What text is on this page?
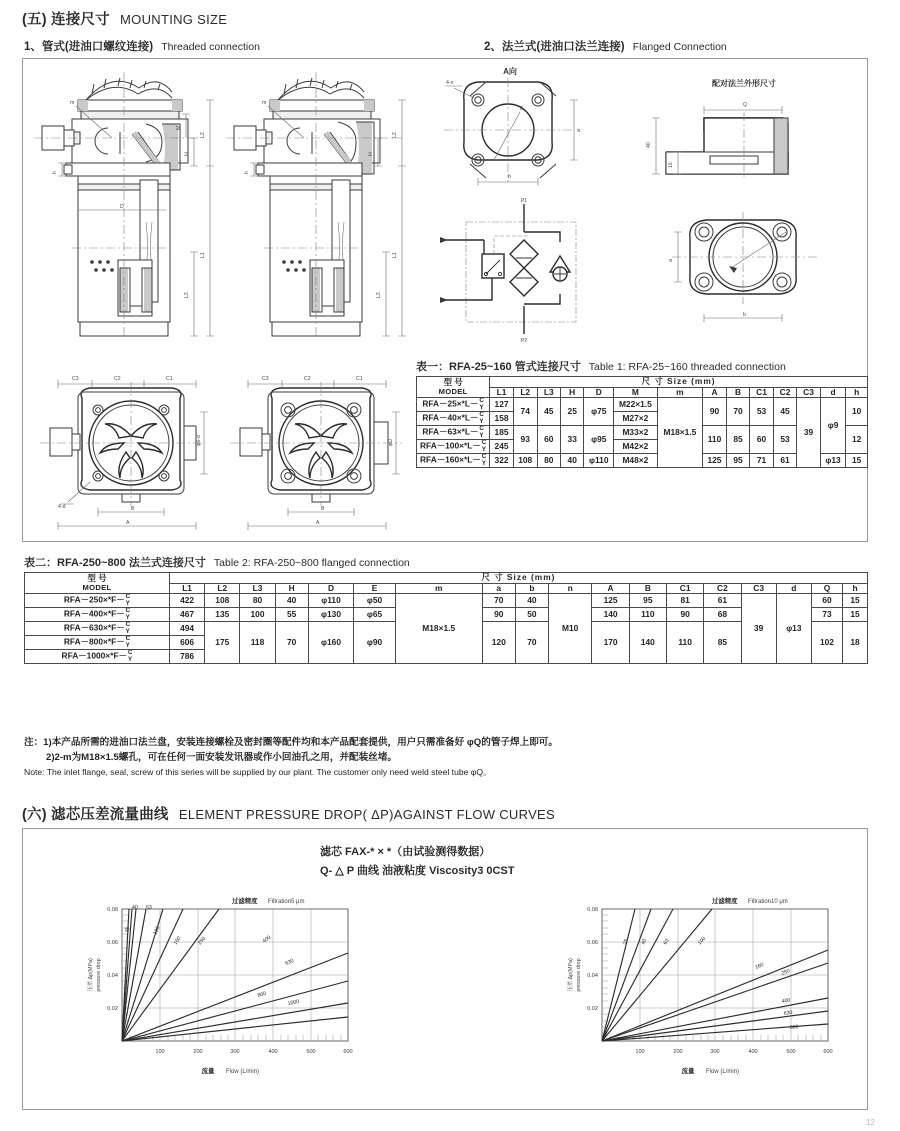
(五) 连接尺寸 MOUNTING SIZE
1、管式(进油口螺纹连接) Threaded connection	2、法兰式(进油口法兰连接) Flanged Connection
L2
L1
L3
H
M
D
h
m
L2
L1
L3
H
h
m
A向
4-n
E
a
b
P1
P2
配对法兰外形尺寸
Q
40
16
a
b
C3	C2	C1
φ6-d
B
A
4-d
C3	C2	C1
φD
B
A
表一：RFA-25~160 管式连接尺寸 Table 1: RFA-25~160 threaded connection
型 号
MODEL	尺 寸 Size (mm)													
	L1	L2	L3	H	D	M	m	A	B	C1	C2	C3	d	h
RFA－25×*L－C
Y	127	74	45	25	φ75	M22×1.5	M18×1.5	90	70	53	45	39	φ9	10
RFA－40×*L－C
Y	158					M27×2								
RFA－63×*L－C
Y	185	93	60	33	φ95	M33×2		110	85	60	53			12
RFA－100×*L－C
Y	245					M42×2								
RFA－160×*L－C
Y	322	108	80	40	φ110	M48×2		125	95	71	61		φ13	15
表二：RFA-250~800 法兰式连接尺寸 Table 2: RFA-250~800 flanged connection
型 号
MODEL	尺 寸 Size (mm)																	
	L1	L2	L3	H	D	E	m	a	b	n	A	B	C1	C2	C3	d	Q	h
RFA－250×*F－C
Y	422	108	80	40	φ110	φ50	M18×1.5	70	40	M10	125	95	81	61	39	φ13	60	15
RFA－400×*F－C
Y	467	135	100	55	φ130	φ65		90	50		140	110	90	68			73	15
RFA－630×*F－C
Y	494	175	118	70	φ160	φ90		120	70		170	140	110	85			102	18
RFA－800×*F－C
Y	606																	
RFA－1000×*F－C
Y	786																	
注：1)本产品所需的进油口法兰盘，安装连接螺栓及密封圈等配件均和本产品配套提供，用户只需准备好 φQ的管子焊上即可。
2)2-m为M18×1.5螺孔，可在任何一面安装发讯器或作小回油孔之用，并配装丝堵。
Note: The inlet flange, seal, screw of this series will be supplied by our plant. The customer only need weld steel tube φQ。
(六) 滤芯压差流量曲线 ELEMENT PRESSURE DROP( ΔP)AGAINST FLOW CURVES
滤芯 FAX-* × *（由试验测得数据）
Q- △ P 曲线 油液粘度 Viscosity3 0CST
过滤精度 Filtration5 μm
0.08
0.06
0.04
0.02
100	200	300	400	500	600
25
40 63
100
160	250	400
630
800
1000
流量 Flow (L/min)
压差 Δp(MPa) pressure drop
过滤精度 Filtration10 μm
0.08
0.06
0.04
0.02
100	200	300	400	500	600
25 40	63	100
160
250
400
630
800
流量 Flow (L/min)
压差 Δp(MPa) pressure drop
12
